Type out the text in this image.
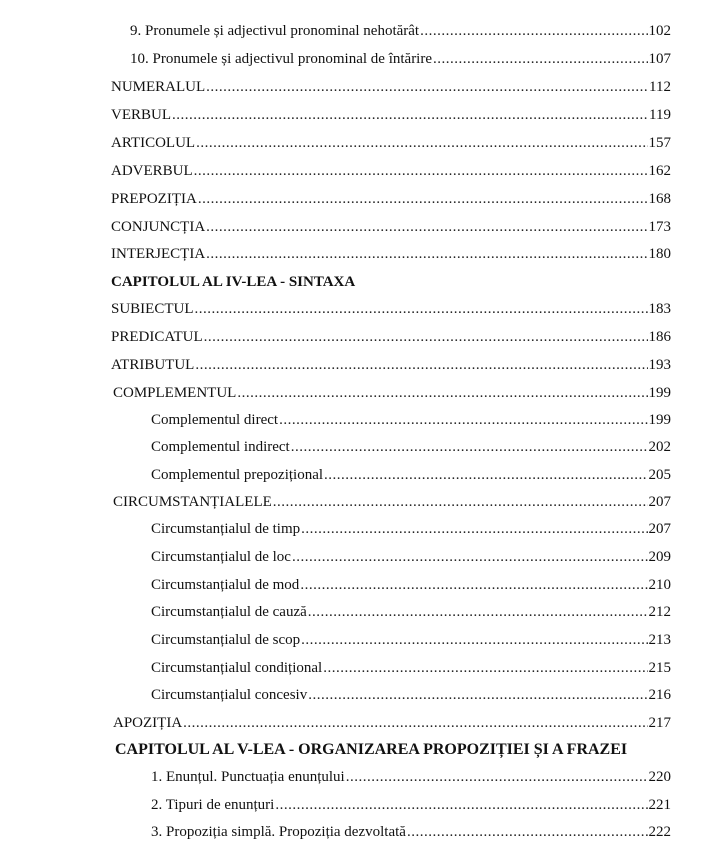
9. Pronumele și adjectivul pronominal nehotărât .....	102
10. Pronumele și adjectivul pronominal de întărire .....	107
NUMERALUL .....	112
VERBUL .....	119
ARTICOLUL .....	157
ADVERBUL .....	162
PREPOZIȚIA .....	168
CONJUNCȚIA .....	173
INTERJECȚIA .....	180
CAPITOLUL AL IV-LEA - SINTAXA
SUBIECTUL .....	183
PREDICATUL .....	186
ATRIBUTUL .....	193
COMPLEMENTUL .....	199
Complementul direct .....	199
Complementul indirect .....	202
Complementul prepozițional .....	205
CIRCUMSTANȚIALELE .....	207
Circumstanțialul de timp .....	207
Circumstanțialul de loc .....	209
Circumstanțialul de mod .....	210
Circumstanțialul de cauză .....	212
Circumstanțialul de scop .....	213
Circumstanțialul condițional .....	215
Circumstanțialul concesiv .....	216
APOZIȚIA .....	217
CAPITOLUL AL V-LEA - ORGANIZAREA PROPOZIȚIEI ȘI A FRAZEI
1. Enunțul. Punctuația enunțului .....	220
2. Tipuri de enunțuri .....	221
3. Propoziția simplă. Propoziția dezvoltată .....	222
